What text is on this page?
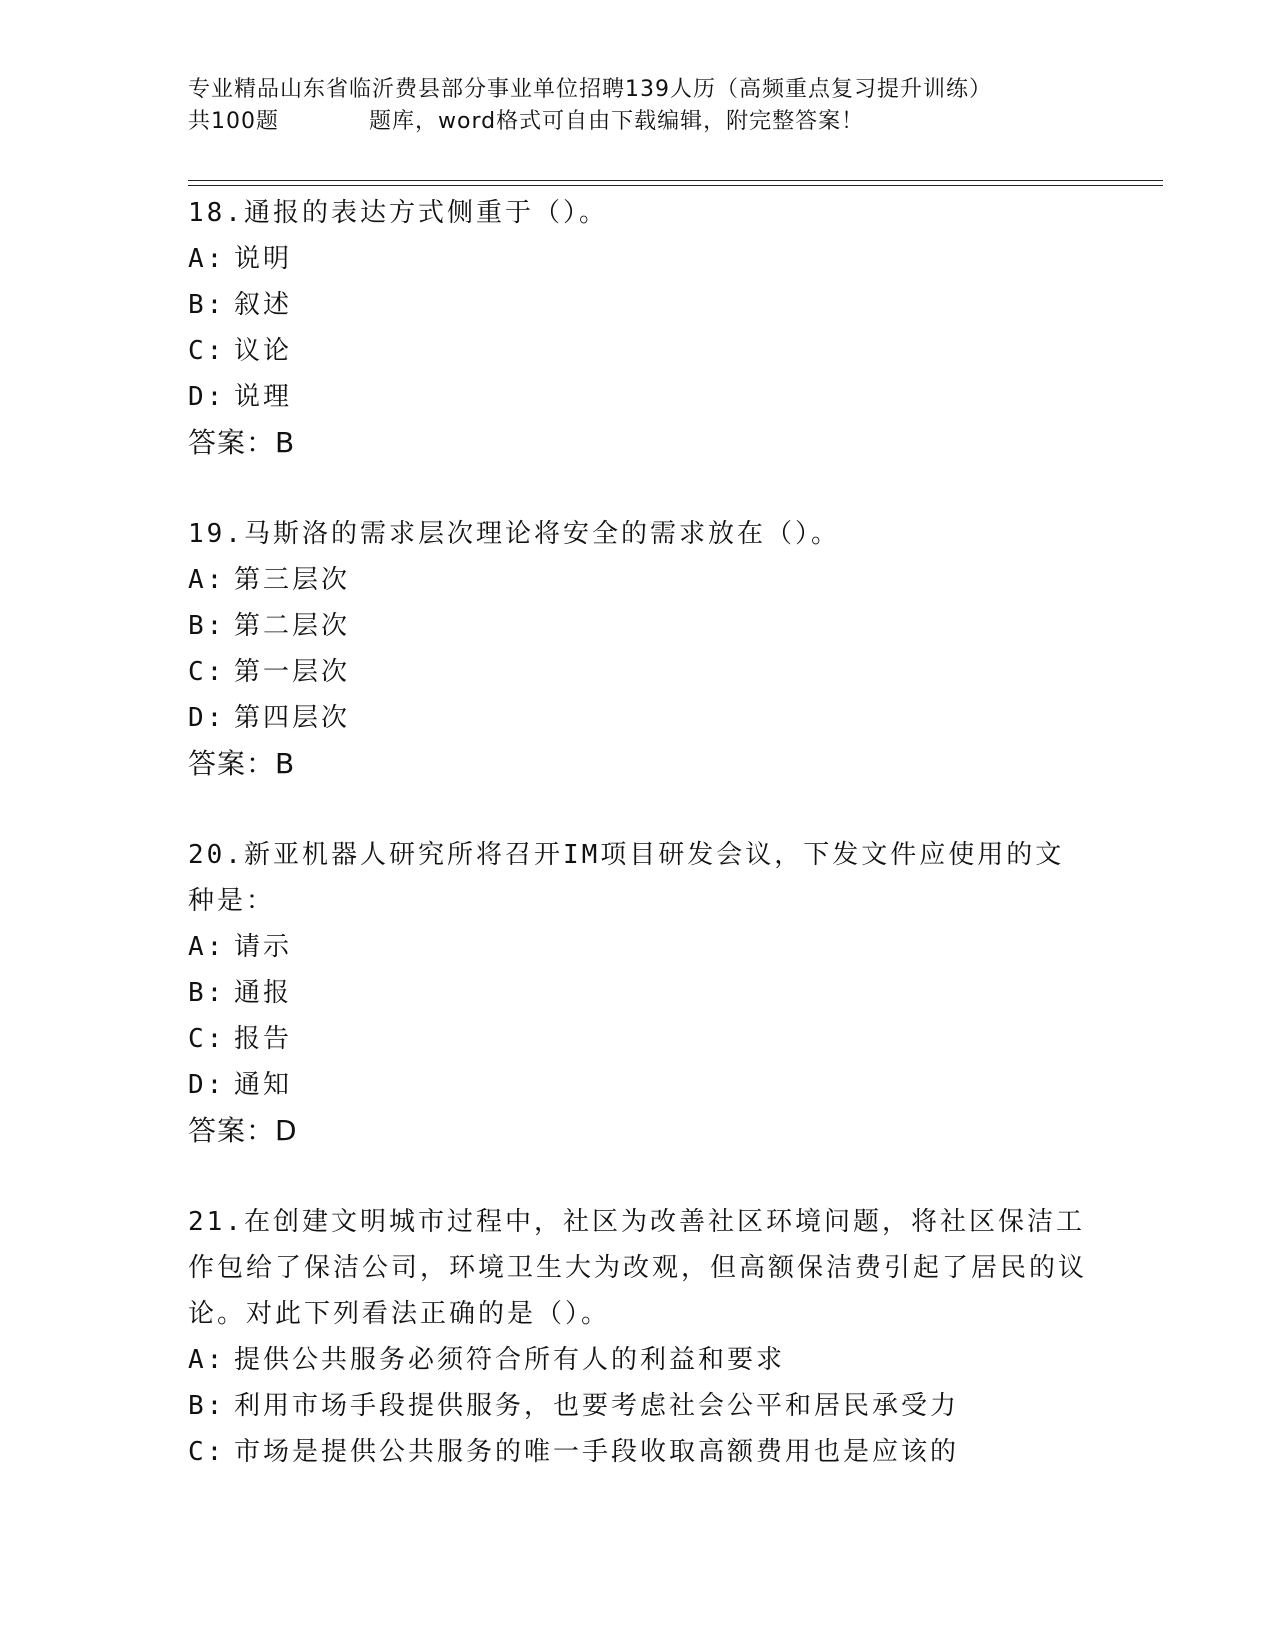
专业精品山东省临沂费县部分事业单位招聘139人历（高频重点复习提升训练）
共100题	题库，word格式可自由下载编辑，附完整答案！
18.通报的表达方式侧重于（）。
A: 说明
B: 叙述
C: 议论
D: 说理
答案：B
19.马斯洛的需求层次理论将安全的需求放在（）。
A: 第三层次
B: 第二层次
C: 第一层次
D: 第四层次
答案：B
20.新亚机器人研究所将召开IM项目研发会议，下发文件应使用的文种是：
A: 请示
B: 通报
C: 报告
D: 通知
答案：D
21.在创建文明城市过程中，社区为改善社区环境问题，将社区保洁工作包给了保洁公司，环境卫生大为改观，但高额保洁费引起了居民的议论。对此下列看法正确的是（）。
A: 提供公共服务必须符合所有人的利益和要求
B: 利用市场手段提供服务，也要考虑社会公平和居民承受力
C: 市场是提供公共服务的唯一手段收取高额费用也是应该的
